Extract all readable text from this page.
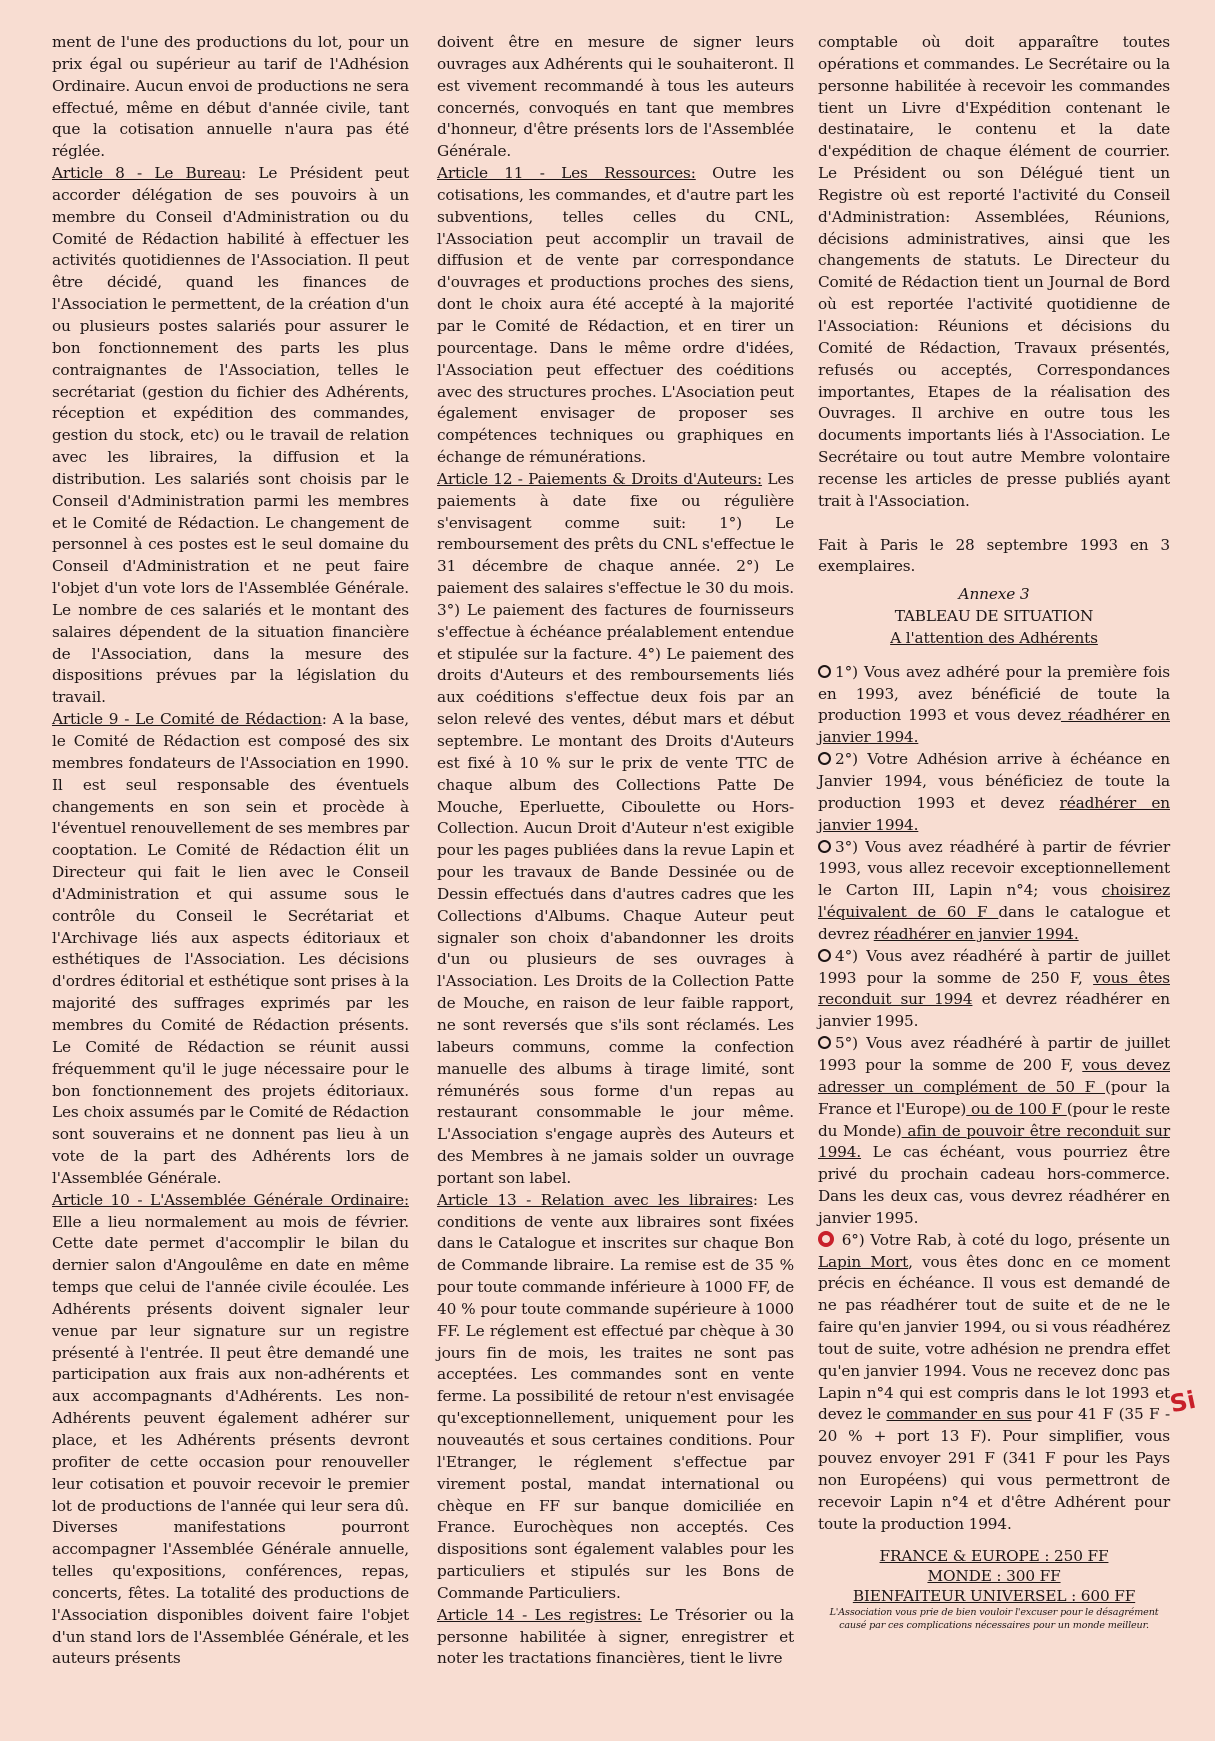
ment de l'une des productions du lot, pour un prix égal ou supérieur au tarif de l'Adhésion Ordinaire. Aucun envoi de productions ne sera effectué, même en début d'année civile, tant que la cotisation annuelle n'aura pas été réglée.

Article 8 - Le Bureau: Le Président peut accorder délégation de ses pouvoirs à un membre du Conseil d'Administration ou du Comité de Rédaction habilité à effectuer les activités quotidiennes de l'Association. Il peut être décidé, quand les finances de l'Association le permettent, de la création d'un ou plusieurs postes salariés pour assurer le bon fonctionnement des parts les plus contraignantes de l'Association, telles le secrétariat (gestion du fichier des Adhérents, réception et expédition des commandes, gestion du stock, etc) ou le travail de relation avec les libraires, la diffusion et la distribution. Les salariés sont choisis par le Conseil d'Administration parmi les membres et le Comité de Rédaction. Le changement de personnel à ces postes est le seul domaine du Conseil d'Administration et ne peut faire l'objet d'un vote lors de l'Assemblée Générale. Le nombre de ces salariés et le montant des salaires dépendent de la situation financière de l'Association, dans la mesure des dispositions prévues par la législation du travail.

Article 9 - Le Comité de Rédaction: A la base, le Comité de Rédaction est composé des six membres fondateurs de l'Association en 1990. Il est seul responsable des éventuels changements en son sein et procède à l'éventuel renouvellement de ses membres par cooptation. Le Comité de Rédaction élit un Directeur qui fait le lien avec le Conseil d'Administration et qui assume sous le contrôle du Conseil le Secrétariat et l'Archivage liés aux aspects éditoriaux et esthétiques de l'Association. Les décisions d'ordres éditorial et esthétique sont prises à la majorité des suffrages exprimés par les membres du Comité de Rédaction présents. Le Comité de Rédaction se réunit aussi fréquemment qu'il le juge nécessaire pour le bon fonctionnement des projets éditoriaux. Les choix assumés par le Comité de Rédaction sont souverains et ne donnent pas lieu à un vote de la part des Adhérents lors de l'Assemblée Générale.

Article 10 - L'Assemblée Générale Ordinaire: Elle a lieu normalement au mois de février. Cette date permet d'accomplir le bilan du dernier salon d'Angoulême en date en même temps que celui de l'année civile écoulée. Les Adhérents présents doivent signaler leur venue par leur signature sur un registre présenté à l'entrée. Il peut être demandé une participation aux frais aux non-adhérents et aux accompagnants d'Adhérents. Les non-Adhérents peuvent également adhérer sur place, et les Adhérents présents devront profiter de cette occasion pour renouveller leur cotisation et pouvoir recevoir le premier lot de productions de l'année qui leur sera dû. Diverses manifestations pourront accompagner l'Assemblée Générale annuelle, telles qu'expositions, conférences, repas, concerts, fêtes. La totalité des productions de l'Association disponibles doivent faire l'objet d'un stand lors de l'Assemblée Générale, et les auteurs présents

doivent être en mesure de signer leurs ouvrages aux Adhérents qui le souhaiteront. Il est vivement recommandé à tous les auteurs concernés, convoqués en tant que membres d'honneur, d'être présents lors de l'Assemblée Générale.

Article 11 - Les Ressources: Outre les cotisations, les commandes, et d'autre part les subventions, telles celles du CNL, l'Association peut accomplir un travail de diffusion et de vente par correspondance d'ouvrages et productions proches des siens, dont le choix aura été accepté à la majorité par le Comité de Rédaction, et en tirer un pourcentage. Dans le même ordre d'idées, l'Association peut effectuer des coéditions avec des structures proches. L'Asociation peut également envisager de proposer ses compétences techniques ou graphiques en échange de rémunérations.

Article 12 - Paiements & Droits d'Auteurs: Les paiements à date fixe ou régulière s'envisagent comme suit: 1°) Le remboursement des prêts du CNL s'effectue le 31 décembre de chaque année. 2°) Le paiement des salaires s'effectue le 30 du mois. 3°) Le paiement des factures de fournisseurs s'effectue à échéance préalablement entendue et stipulée sur la facture. 4°) Le paiement des droits d'Auteurs et des remboursements liés aux coéditions s'effectue deux fois par an selon relevé des ventes, début mars et début septembre. Le montant des Droits d'Auteurs est fixé à 10 % sur le prix de vente TTC de chaque album des Collections Patte De Mouche, Eperluette, Ciboulette ou Hors-Collection. Aucun Droit d'Auteur n'est exigible pour les pages publiées dans la revue Lapin et pour les travaux de Bande Dessinée ou de Dessin effectués dans d'autres cadres que les Collections d'Albums. Chaque Auteur peut signaler son choix d'abandonner les droits d'un ou plusieurs de ses ouvrages à l'Association. Les Droits de la Collection Patte de Mouche, en raison de leur faible rapport, ne sont reversés que s'ils sont réclamés. Les labeurs communs, comme la confection manuelle des albums à tirage limité, sont rémunérés sous forme d'un repas au restaurant consommable le jour même. L'Association s'engage auprès des Auteurs et des Membres à ne jamais solder un ouvrage portant son label.

Article 13 - Relation avec les libraires: Les conditions de vente aux libraires sont fixées dans le Catalogue et inscrites sur chaque Bon de Commande libraire. La remise est de 35 % pour toute commande inférieure à 1000 FF, de 40 % pour toute commande supérieure à 1000 FF. Le réglement est effectué par chèque à 30 jours fin de mois, les traites ne sont pas acceptées. Les commandes sont en vente ferme. La possibilité de retour n'est envisagée qu'exceptionnellement, uniquement pour les nouveautés et sous certaines conditions. Pour l'Etranger, le réglement s'effectue par virement postal, mandat international ou chèque en FF sur banque domiciliée en France. Eurochèques non acceptés. Ces dispositions sont également valables pour les particuliers et stipulés sur les Bons de Commande Particuliers.

Article 14 - Les registres: Le Trésorier ou la personne habilitée à signer, enregistrer et noter les tractations financières, tient le livre

comptable où doit apparaître toutes opérations et commandes. Le Secrétaire ou la personne habilitée à recevoir les commandes tient un Livre d'Expédition contenant le destinataire, le contenu et la date d'expédition de chaque élément de courrier. Le Président ou son Délégué tient un Registre où est reporté l'activité du Conseil d'Administration: Assemblées, Réunions, décisions administratives, ainsi que les changements de statuts. Le Directeur du Comité de Rédaction tient un Journal de Bord où est reportée l'activité quotidienne de l'Association: Réunions et décisions du Comité de Rédaction, Travaux présentés, refusés ou acceptés, Correspondances importantes, Etapes de la réalisation des Ouvrages. Il archive en outre tous les documents importants liés à l'Association. Le Secrétaire ou tout autre Membre volontaire recense les articles de presse publiés ayant trait à l'Association.

Fait à Paris le 28 septembre 1993 en 3 exemplaires.

Annexe 3

TABLEAU DE SITUATION

A l'attention des Adhérents

1°) Vous avez adhéré pour la première fois en 1993, avez bénéficié de toute la production 1993 et vous devez réadhérer en janvier 1994.

2°) Votre Adhésion arrive à échéance en Janvier 1994, vous bénéficiez de toute la production 1993 et devez réadhérer en janvier 1994.

3°) Vous avez réadhéré à partir de février 1993, vous allez recevoir exceptionnellement le Carton III, Lapin n°4; vous choisirez l'équivalent de 60 F dans le catalogue et devrez réadhérer en janvier 1994.

4°) Vous avez réadhéré à partir de juillet 1993 pour la somme de 250 F, vous êtes reconduit sur 1994 et devrez réadhérer en janvier 1995.

5°) Vous avez réadhéré à partir de juillet 1993 pour la somme de 200 F, vous devez adresser un complément de 50 F (pour la France et l'Europe) ou de 100 F (pour le reste du Monde) afin de pouvoir être reconduit sur 1994. Le cas échéant, vous pourriez être privé du prochain cadeau hors-commerce. Dans les deux cas, vous devrez réadhérer en janvier 1995.

6°) Votre Rab, à coté du logo, présente un Lapin Mort, vous êtes donc en ce moment précis en échéance. Il vous est demandé de ne pas réadhérer tout de suite et de ne le faire qu'en janvier 1994, ou si vous réadhérez tout de suite, votre adhésion ne prendra effet qu'en janvier 1994. Vous ne recevez donc pas Lapin n°4 qui est compris dans le lot 1993 et devez le commander en sus pour 41 F (35 F - 20 % + port 13 F). Pour simplifier, vous pouvez envoyer 291 F (341 F pour les Pays non Européens) qui vous permettront de recevoir Lapin n°4 et d'être Adhérent pour toute la production 1994.

FRANCE & EUROPE : 250 FF

MONDE : 300 FF

BIENFAITEUR UNIVERSEL : 600 FF

L'Association vous prie de bien vouloir l'excuser pour le désagrément causé par ces complications nécessaires pour un monde meilleur.

Si
